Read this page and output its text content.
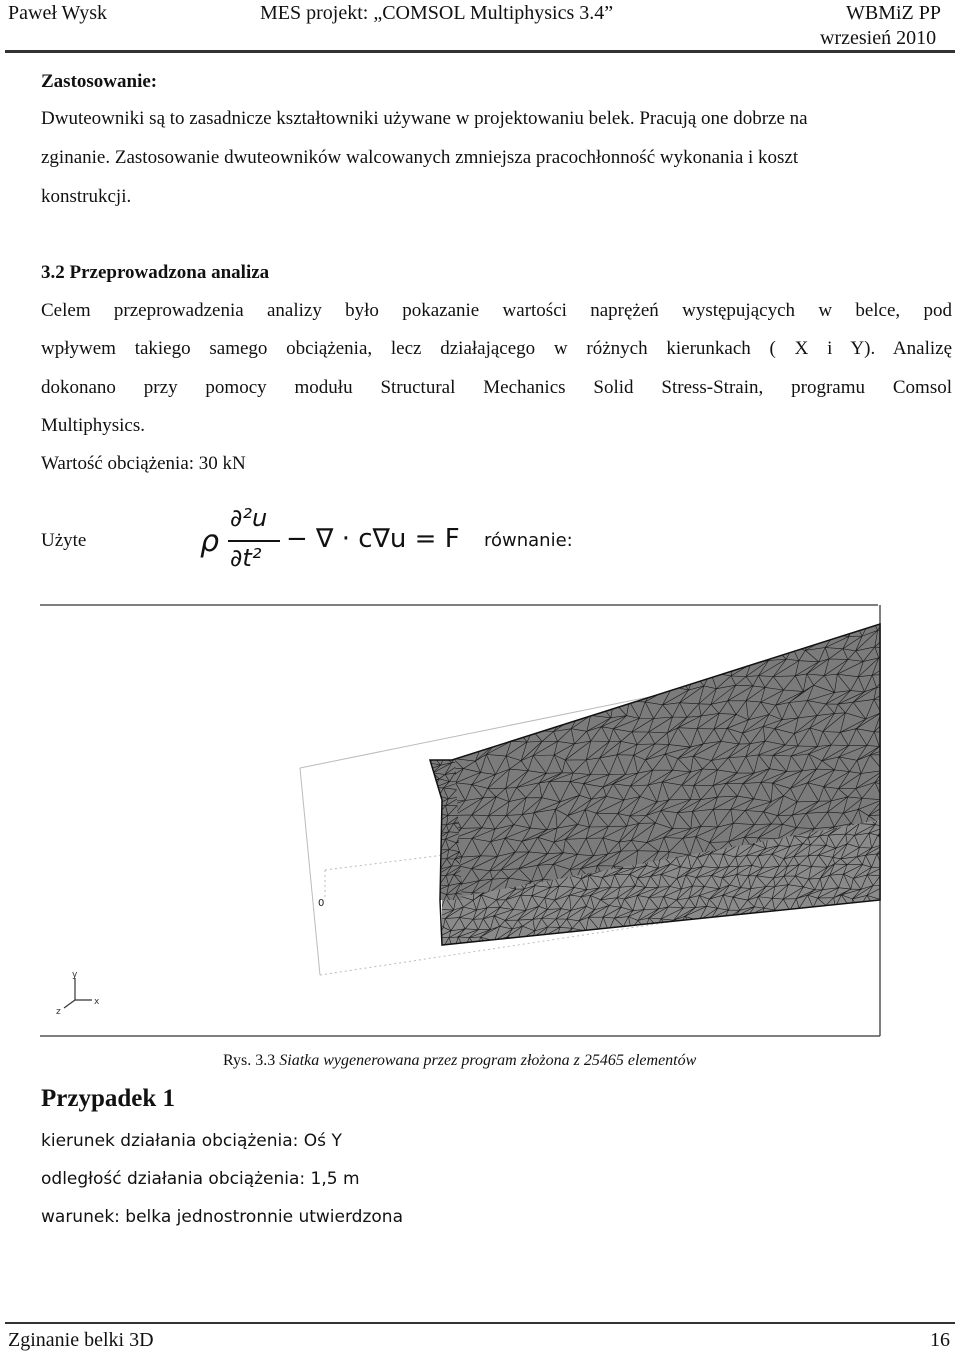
Paweł Wysk	MES projekt: „COMSOL Multiphysics 3.4”	WBMiZ PP
wrzesień 2010
Zastosowanie:
Dwuteowniki są to zasadnicze kształtowniki używane w projektowaniu belek. Pracują one dobrze na
zginanie. Zastosowanie dwuteowników walcowanych zmniejsza pracochłonność wykonania i koszt
konstrukcji.
3.2 Przeprowadzona analiza
Celem przeprowadzenia analizy było pokazanie wartości naprężeń występujących w belce, pod
wpływem takiego samego obciążenia, lecz działającego w różnych kierunkach ( X i Y). Analizę
dokonano przy pomocy modułu Structural Mechanics Solid Stress-Strain, programu Comsol
Multiphysics.
Wartość obciążenia: 30 kN
Użyte	ρ
∂²u
∂t²
− ∇ · c∇u = F równanie:
0
y
x
z
Rys. 3.3 Siatka wygenerowana przez program złożona z 25465 elementów
Przypadek 1
kierunek działania obciążenia: Oś Y
odległość działania obciążenia: 1,5 m
warunek: belka jednostronnie utwierdzona
Zginanie belki 3D	16
